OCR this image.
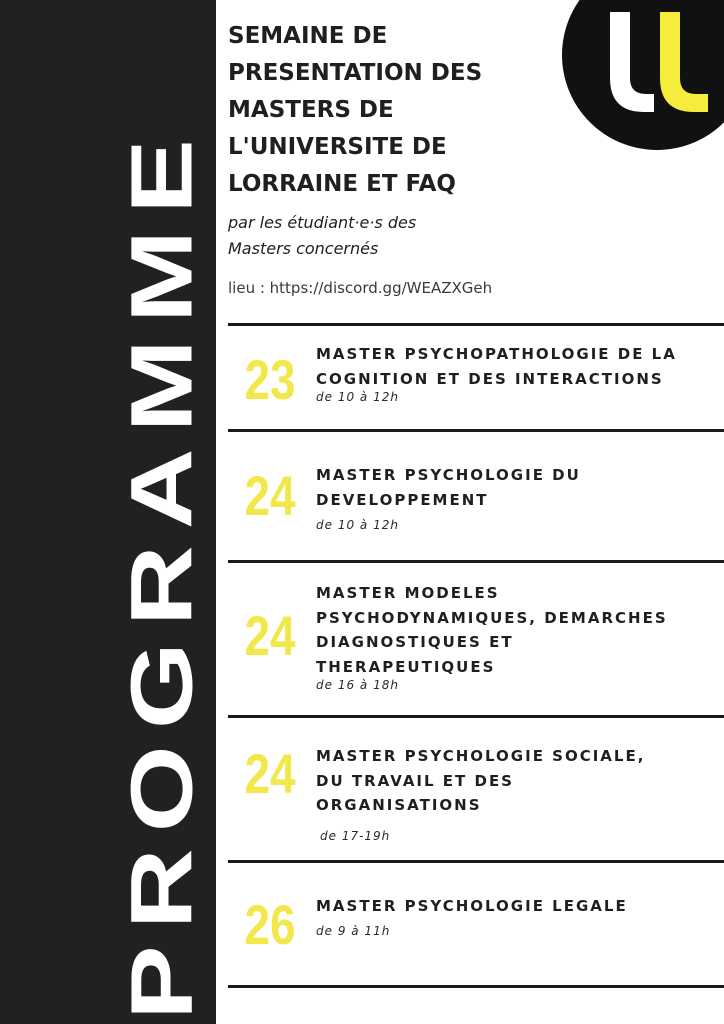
PROGRAMME
SEMAINE DE
PRESENTATION DES
MASTERS DE
L'UNIVERSITE DE
LORRAINE ET FAQ

par les étudiant·e·s des
Masters concernés

lieu : https://discord.gg/WEAZXGeh

23 MASTER PSYCHOPATHOLOGIE DE LA
COGNITION ET DES INTERACTIONS

de 10 à 12h

24 MASTER PSYCHOLOGIE DU
DEVELOPPEMENT

de 10 à 12h

24

MASTER MODELES
PSYCHODYNAMIQUES, DEMARCHES
DIAGNOSTIQUES ET
THERAPEUTIQUES

de 16 à 18h

24 MASTER PSYCHOLOGIE SOCIALE,
DU TRAVAIL ET DES
ORGANISATIONS

de 17-19h

26 MASTER PSYCHOLOGIE LEGALE

de 9 à 11h
